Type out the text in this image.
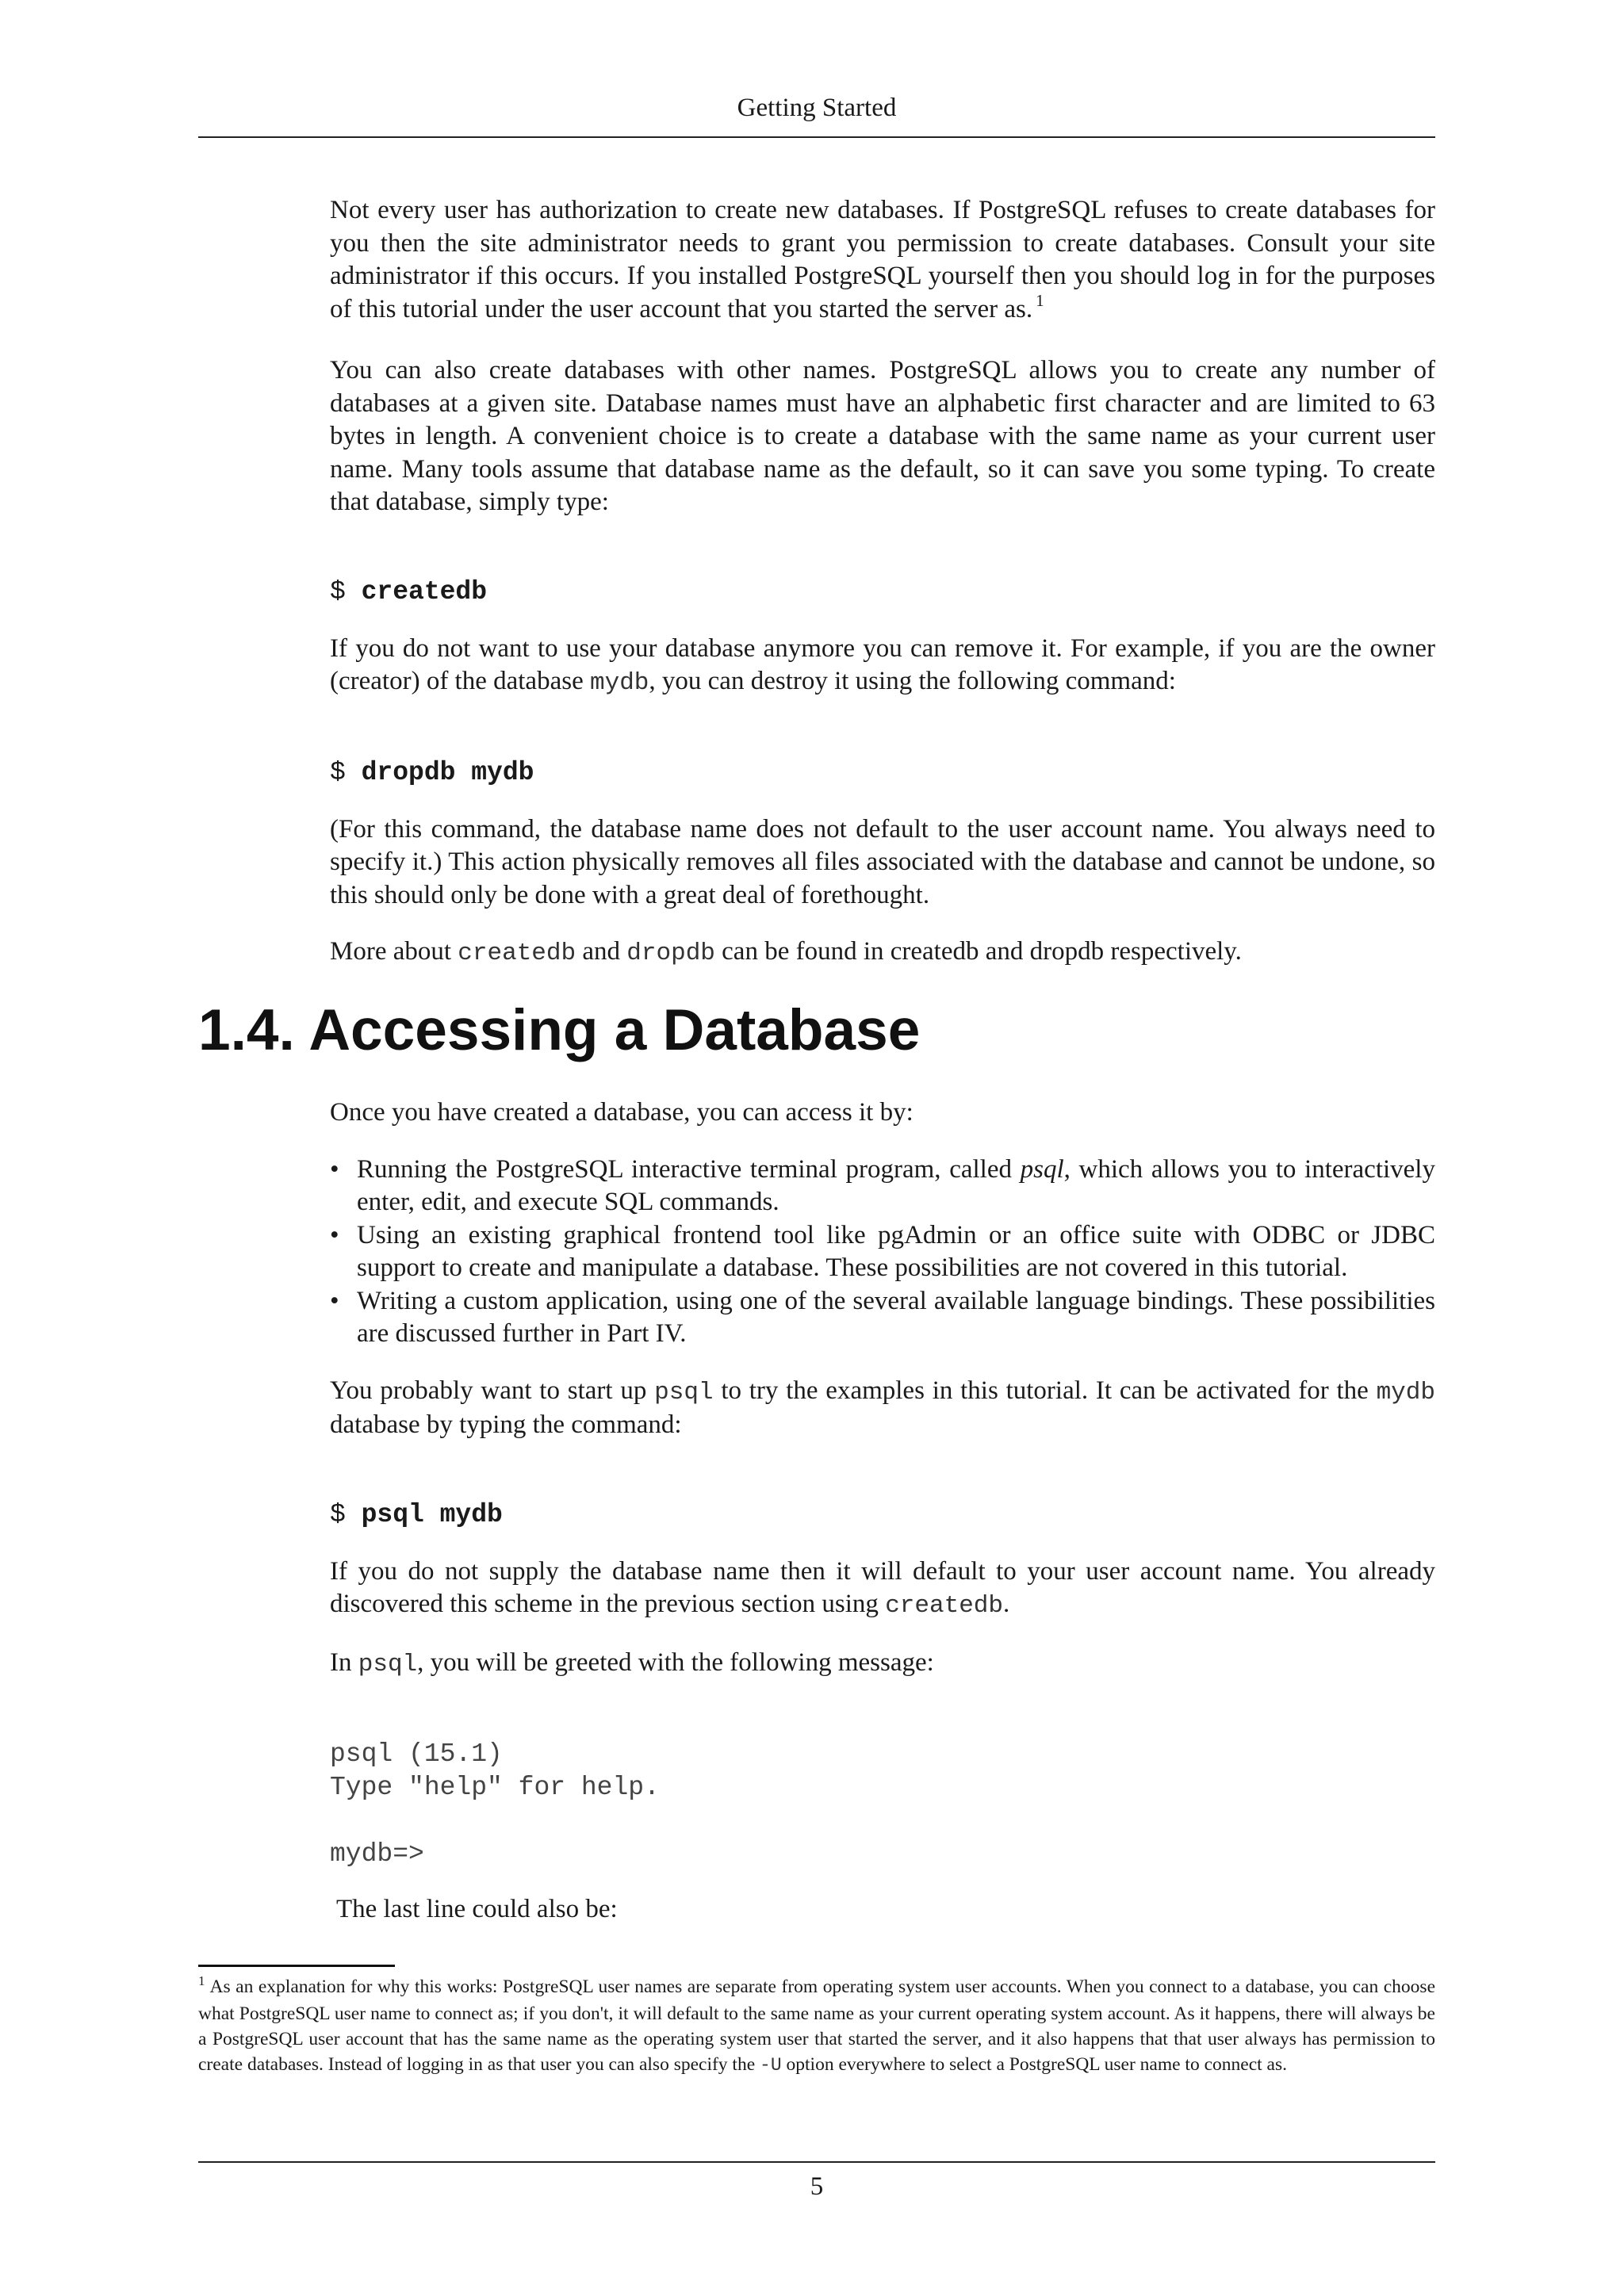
Getting Started

Not every user has authorization to create new databases. If PostgreSQL refuses to create databases for you then the site administrator needs to grant you permission to create databases. Consult your site administrator if this occurs. If you installed PostgreSQL yourself then you should log in for the purposes of this tutorial under the user account that you started the server as. $^1$

You can also create databases with other names. PostgreSQL allows you to create any number of databases at a given site. Database names must have an alphabetic first character and are limited to 63 bytes in length. A convenient choice is to create a database with the same name as your current user name. Many tools assume that database name as the default, so it can save you some typing. To create that database, simply type:

$ createdb

If you do not want to use your database anymore you can remove it. For example, if you are the owner (creator) of the database mydb, you can destroy it using the following command:

$ dropdb mydb

(For this command, the database name does not default to the user account name. You always need to specify it.) This action physically removes all files associated with the database and cannot be undone, so this should only be done with a great deal of forethought.

More about createdb and dropdb can be found in createdb and dropdb respectively.

1.4. Accessing a Database

Once you have created a database, you can access it by:

• Running the PostgreSQL interactive terminal program, called psql, which allows you to interactively enter, edit, and execute SQL commands.
• Using an existing graphical frontend tool like pgAdmin or an office suite with ODBC or JDBC support to create and manipulate a database. These possibilities are not covered in this tutorial.
• Writing a custom application, using one of the several available language bindings. These possibilities are discussed further in Part IV.

You probably want to start up psql to try the examples in this tutorial. It can be activated for the mydb database by typing the command:

$ psql mydb

If you do not supply the database name then it will default to your user account name. You already discovered this scheme in the previous section using createdb.

In psql, you will be greeted with the following message:

psql (15.1)
Type "help" for help.
mydb=>

The last line could also be:

$^1$ As an explanation for why this works: PostgreSQL user names are separate from operating system user accounts. When you connect to a database, you can choose what PostgreSQL user name to connect as; if you don't, it will default to the same name as your current operating system account. As it happens, there will always be a PostgreSQL user account that has the same name as the operating system user that started the server, and it also happens that that user always has permission to create databases. Instead of logging in as that user you can also specify the -U option everywhere to select a PostgreSQL user name to connect as.
5
